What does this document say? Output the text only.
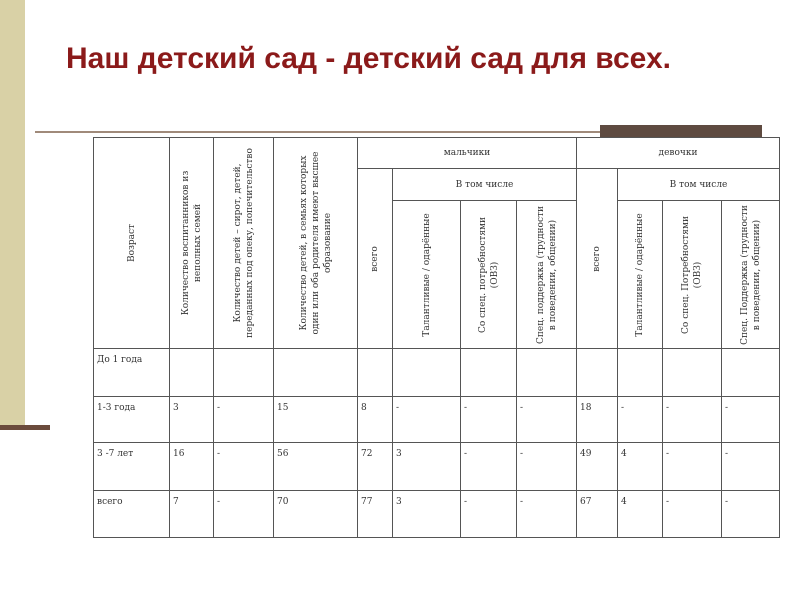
Наш детский сад - детский сад для всех.
Возраст	Количество воспитанников из неполных семей	Количество детей – сирот, детей, переданных под опеку, попечительство	Количество детей, в семьях которых один или оба родителя имеют высшее образование	мальчики				девочки			

				всего	В том числе			всего	В том числе		

					Талантливые / одарённые	Со спец. потребностями (ОВЗ)	Спец. поддержка (трудности в поведении, общении)		Талантливые / одарённые	Со спец. Потребностями (ОВЗ)	Спец. Поддержка (трудности в поведении, общении)

До 1 года											
1-3 года	3	-	15	8	-	-	-	18	-	-	-
3 -7 лет	16	-	56	72	3	-	-	49	4	-	-
всего	7	-	70	77	3	-	-	67	4	-	-
